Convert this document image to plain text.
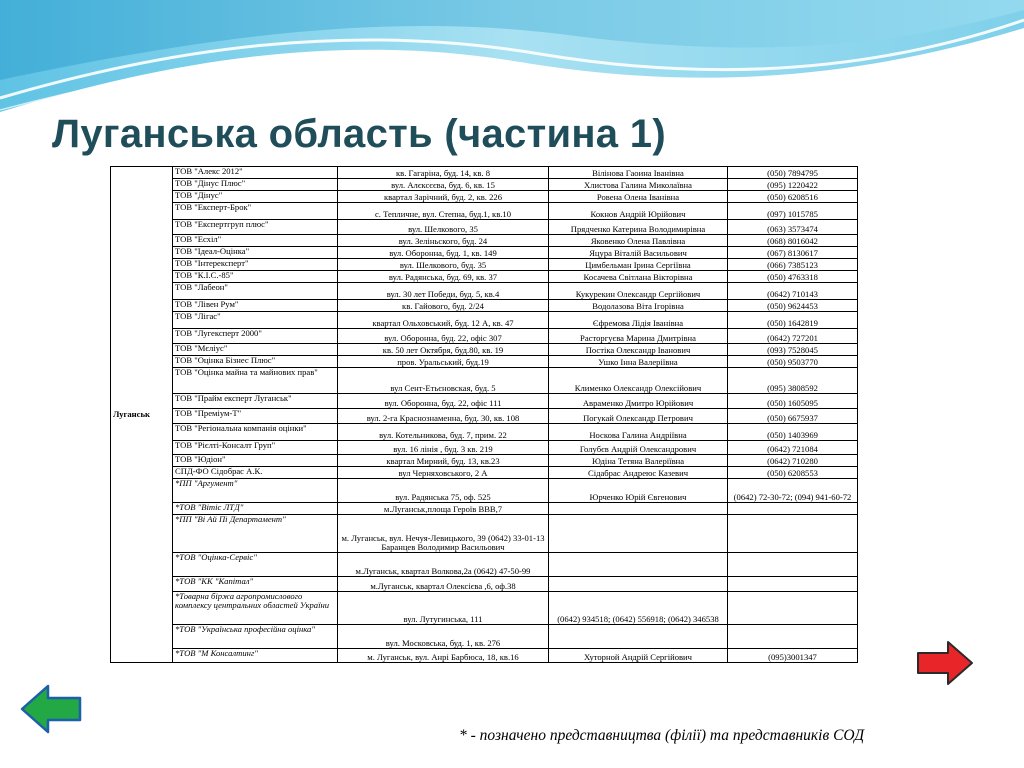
Луганська область (частина 1)
Луганськ	ТОВ "Алекс 2012"	кв. Гагаріна, буд. 14, кв. 8	Вілінова Гаоина Іванівна	(050) 7894795
	ТОВ "Дінус Плюс"	вул. Алєксєєва, буд. 6, кв. 15	Хлистова Галина Миколаївна	(095) 1220422
	ТОВ "Дінус"	квартал Зарічний, буд. 2, кв. 226	Ровена Олена Іванівна	(050) 6208516
	ТОВ "Експерт-Брок"	с. Тепличне, вул. Степна, буд.1, кв.10	Кокнов Андрій Юрійович	(097) 1015785
	ТОВ "Експертгруп плюс"	вул. Шелкового, 35	Прядченко Катерина Володимирівна	(063) 3573474
	ТОВ "Есхіл"	вул. Зеліньского, буд. 24	Яковенко Олена Павлівна	(068) 8016042
	ТОВ "Ідеал-Оцінка"	вул. Оборонна, буд. 1, кв. 149	Яцура Віталій Васильович	(067) 8130617
	ТОВ "Інтерексперт"	вул. Шелкового, буд. 35	Цимбельман Ірина Сергіївна	(066) 7385123
	ТОВ "К.І.С.-85"	вул. Радянська, буд. 69, кв. 37	Косачева Світлана Вікторівна	(050) 4763318
	ТОВ "Лабеон"	вул. 30 лет Победи, буд. 5, кв.4	Кукурекин Олександр Сергійович	(0642) 710143
	ТОВ "Лівен Рум"	кв. Гайового, буд. 2/24	Водолазова Віта Ігорівна	(050) 9624453
	ТОВ "Лігас"	квартал Ольховський, буд. 12 А, кв. 47	Єфремова Лідія Іванівна	(050) 1642819
	ТОВ "Лугексперт 2000"	вул. Оборонна, буд. 22, офіс 307	Расторгуєва Марина Дмитрівна	(0642) 727201
	ТОВ "Мєліус"	кв. 50 лет Октября, буд.80, кв. 19	Постіка Олександр Іванович	(093) 7528045
	ТОВ "Оцінка Бізнес Плюс"	пров. Уральський, буд.19	Ушко Інна Валеріївна	(050) 9503770
	ТОВ "Оцінка майна та майнових прав"	вул Сент-Етьєновская, буд. 5	Клименко Олександр Олексійович	(095) 3808592
	ТОВ "Прайм експерт Луганськ"	вул. Оборонна, буд. 22, офіс 111	Авраменко Дмитро Юрійович	(050) 1605095
	ТОВ "Преміум-Т"	вул. 2-га Краснознаменна, буд. 30, кв. 108	Погукай Олександр Петрович	(050) 6675937
	ТОВ "Регіональна компанія оцінки"	вул. Котельникова, буд. 7, прим. 22	Носкова Галина Андріївна	(050) 1403969
	ТОВ "Рієлті-Консалт Груп"	вул. 16 лінія , буд. 3 кв. 219	Голубєв Андрій Олександрович	(0642) 721084
	ТОВ "Юдіон"	квартал Мирний, буд. 13, кв.23	Юдіна Тетяна Валеріївна	(0642) 710280
	СПД-ФО Сідобрас А.К.	вул Черняховського, 2 А	Сідабрас Андреюс Казевич	(050) 6208553
	*ПП "Аргумент"	вул. Радянська 75, оф. 525	Юрченко Юрій Євгенович	(0642) 72-30-72; (094) 941-60-72
	*ТОВ "Вітіс ЛТД"	м.Луганськ,площа Героїв ВВВ,7		
	*ПП "Ві Ай Пі Департамент"	м. Луганськ, вул. Нечуя-Левицького, 39 (0642) 33-01-13 Баранцев Володимир Васильович		
	*ТОВ "Оцінка-Сервіс"	м.Луганськ, квартал Волкова,2а (0642) 47-50-99		
	*ТОВ "КК "Капітал"	м.Луганськ, квартал Олексієва ,6, оф.38		
	*Товарна біржа агропромислового комплексу центральних областей України	вул. Лутугинська, 111	(0642) 934518; (0642) 556918; (0642) 346538	
	*ТОВ "Українська професійна оцінка"	вул. Московська, буд. 1, кв. 276		
	*ТОВ "М Консалтинг"	м. Луганськ, вул. Анрі Барбюса, 18, кв.16	Хуторной Андрій Сергійович	(095)3001347

* - позначено представництва (філії) та представників СОД
